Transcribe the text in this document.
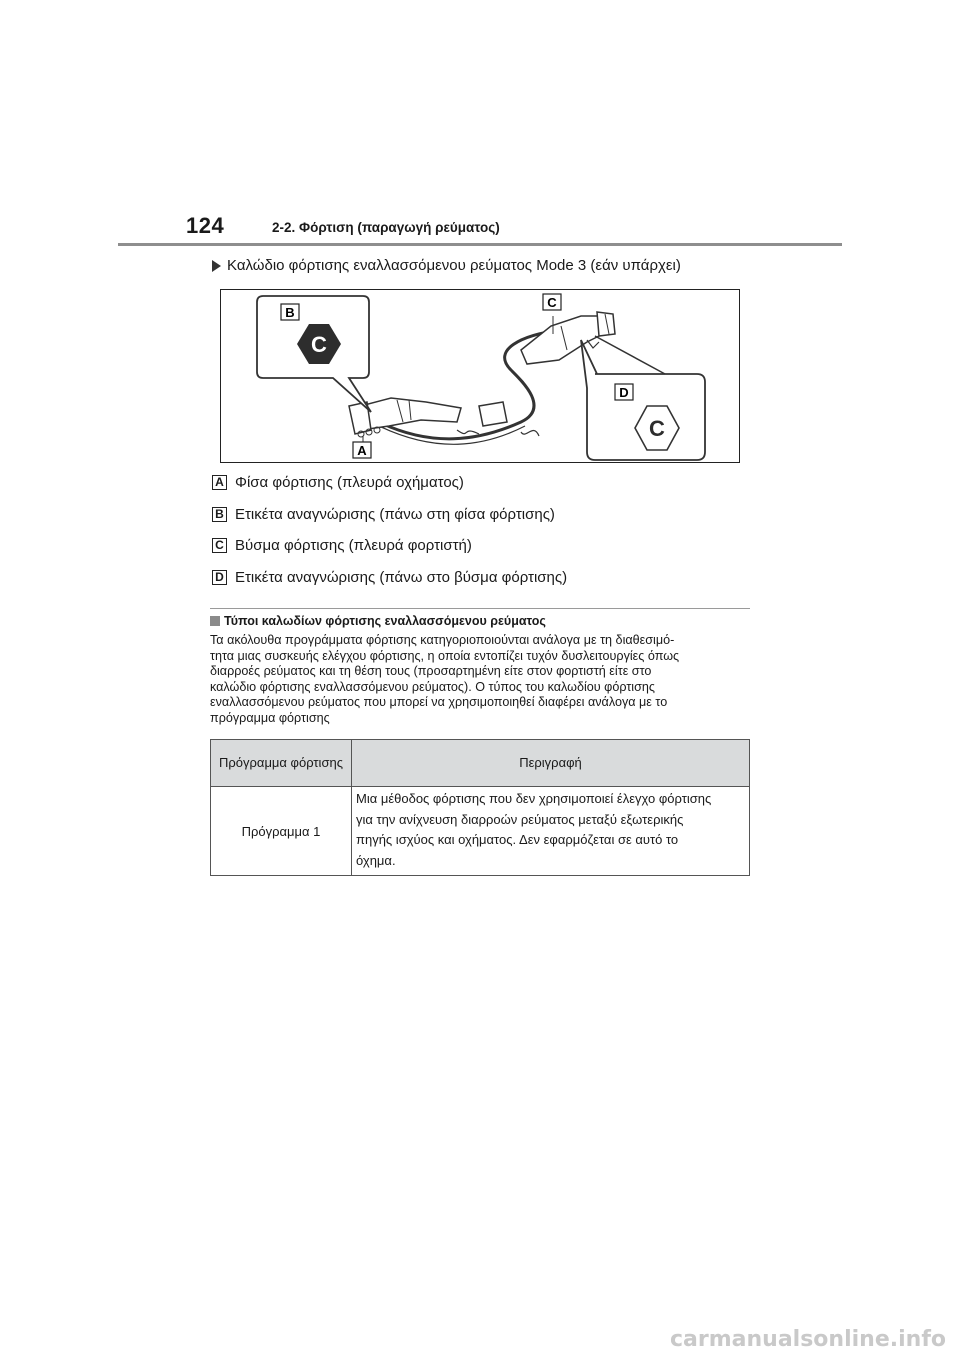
124	2-2. Φόρτιση (παραγωγή ρεύματος)
Καλώδιο φόρτισης εναλλασσόμενου ρεύματος Mode 3 (εάν υπάρχει)
C
C
A
B
C
D
A Φίσα φόρτισης (πλευρά οχήματος)
B Ετικέτα αναγνώρισης (πάνω στη φίσα φόρτισης)
C Βύσμα φόρτισης (πλευρά φορτιστή)
D Ετικέτα αναγνώρισης (πάνω στο βύσμα φόρτισης)
Τύποι καλωδίων φόρτισης εναλλασσόμενου ρεύματος
Τα ακόλουθα προγράμματα φόρτισης κατηγοριοποιούνται ανάλογα με τη διαθεσιμό-
τητα μιας συσκευής ελέγχου φόρτισης, η οποία εντοπίζει τυχόν δυσλειτουργίες όπως
διαρροές ρεύματος και τη θέση τους (προσαρτημένη είτε στον φορτιστή είτε στο
καλώδιο φόρτισης εναλλασσόμενου ρεύματος). Ο τύπος του καλωδίου φόρτισης
εναλλασσόμενου ρεύματος που μπορεί να χρησιμοποιηθεί διαφέρει ανάλογα με το
πρόγραμμα φόρτισης
Πρόγραμμα φόρτισης	Περιγραφή
Πρόγραμμα 1	Μια μέθοδος φόρτισης που δεν χρησιμοποιεί έλεγχο φόρτισης
για την ανίχνευση διαρροών ρεύματος μεταξύ εξωτερικής
πηγής ισχύος και οχήματος. Δεν εφαρμόζεται σε αυτό το
όχημα.
carmanualsonline.info
